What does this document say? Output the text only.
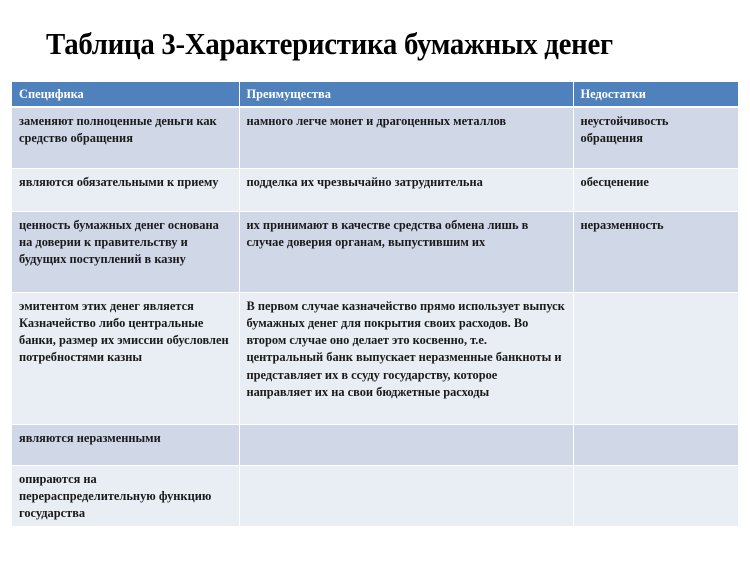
Таблица 3-Характеристика бумажных денег
Специфика	Преимущества	Недостатки
заменяют полноценные деньги как средство обращения	намного легче монет и драгоценных металлов	неустойчивость обращения
являются обязательными к приему	подделка их чрезвычайно затруднительна	обесценение
ценность бумажных денег основана на доверии к правительству и будущих поступлений в казну	их принимают в качестве средства обмена лишь в случае доверия органам, выпустившим их	неразменность
эмитентом этих денег является Казначейство либо центральные банки, размер их эмиссии обусловлен потребностями казны	В первом случае казначейство прямо использует выпуск бумажных денег для покрытия своих расходов. Во втором случае оно делает это косвенно, т.е. центральный банк выпускает неразменные банкноты и представляет их в ссуду государству, которое направляет их на свои бюджетные расходы	
являются неразменными		
опираются на перераспределительную функцию государства		
